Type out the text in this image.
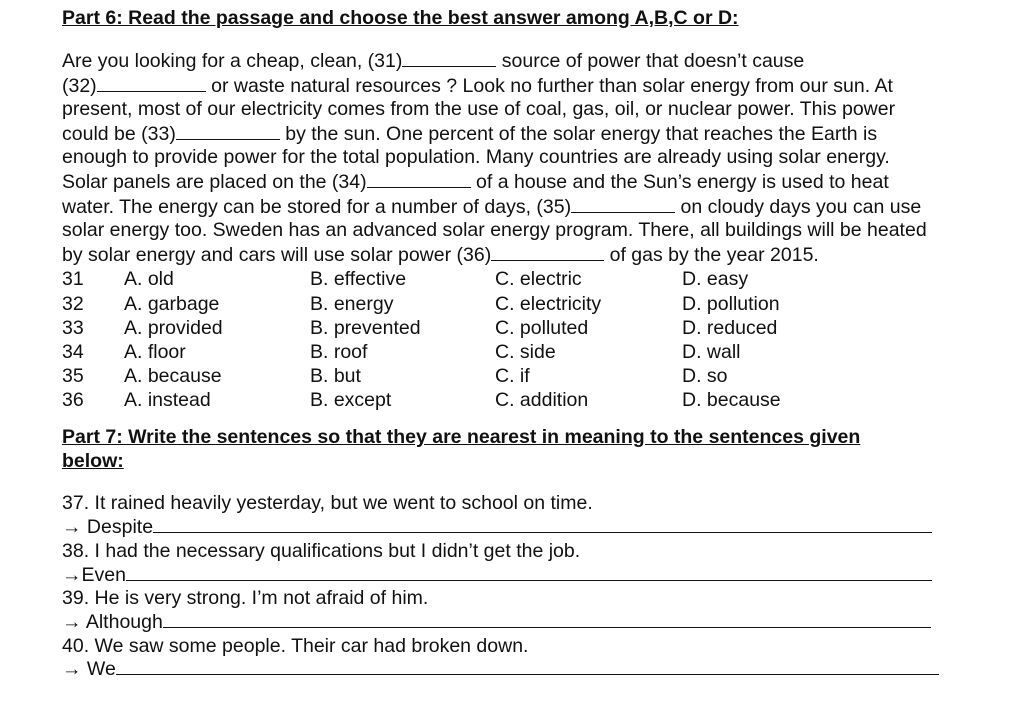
Part 6: Read the passage and choose the best answer among A,B,C or D:
Are you looking for a cheap, clean, (31)	source of power that doesn’t cause
(32)	or waste natural resources ? Look no further than solar energy from our sun. At
present, most of our electricity comes from the use of coal, gas, oil, or nuclear power. This power
could be (33)	by the sun. One percent of the solar energy that reaches the Earth is
enough to provide power for the total population. Many countries are already using solar energy.
Solar panels are placed on the (34)	of a house and the Sun’s energy is used to heat
water. The energy can be stored for a number of days, (35)	on cloudy days you can use
solar energy too. Sweden has an advanced solar energy program. There, all buildings will be heated
by solar energy and cars will use solar power (36)	of gas by the year 2015.
31 A. old	B. effective	C. electric	D. easy
32 A. garbage	B. energy	C. electricity	D. pollution
33 A. provided	B. prevented	C. polluted	D. reduced
34 A. floor	B. roof	C. side	D. wall
35 A. because	B. but	C. if	D. so
36 A. instead	B. except	C. addition	D. because
Part 7: Write the sentences so that they are nearest in meaning to the sentences given
below:
37. It rained heavily yesterday, but we went to school on time.
→ Despite
38. I had the necessary qualifications but I didn’t get the job.
→Even
39. He is very strong. I’m not afraid of him.
→ Although
40. We saw some people. Their car had broken down.
→ We
